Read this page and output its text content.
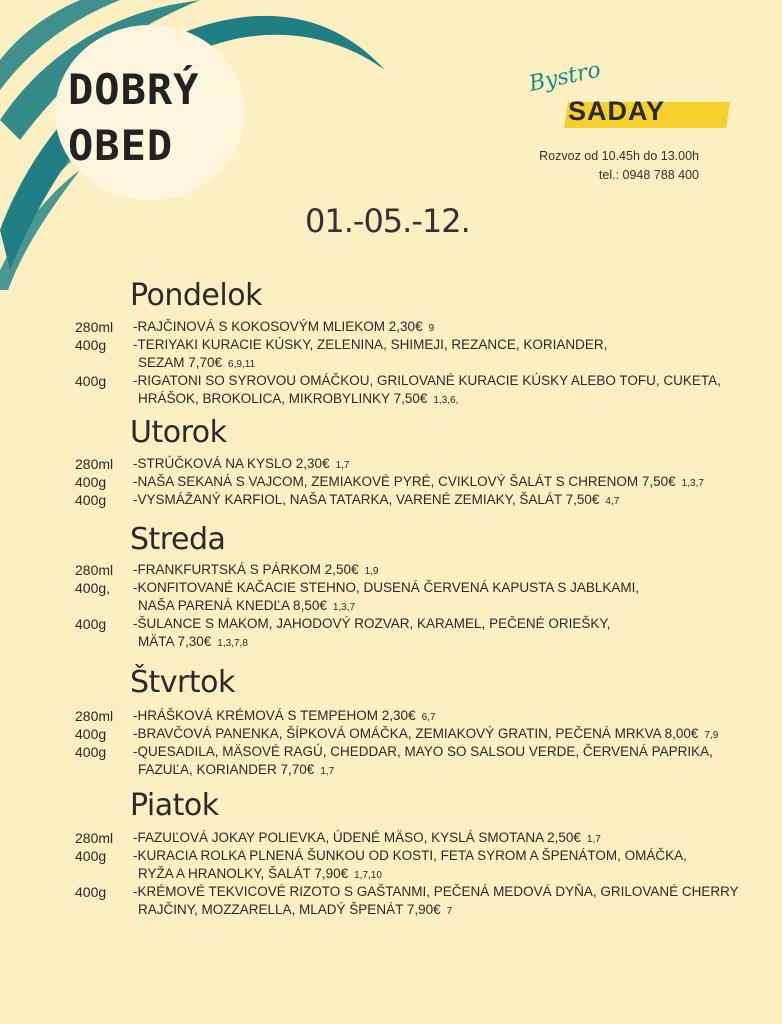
DOBRÝ
OBED
Bystro
SADAY
Rozvoz od 10.45h do 13.00h
tel.: 0948 788 400
01.-05.-12.
Pondelok
280ml -RAJČINOVÁ S KOKOSOVÝM MLIEKOM 2,30€ 9
400g -TERIYAKI KURACIE KÚSKY, ZELENINA, SHIMEJI, REZANCE, KORIANDER,
SEZAM 7,70€ 6,9,11
400g -RIGATONI SO SYROVOU OMÁČKOU, GRILOVANÉ KURACIE KÚSKY ALEBO TOFU, CUKETA,
HRÁŠOK, BROKOLICA, MIKROBYLINKY 7,50€ 1,3,6,
Utorok
280ml -STRÚČKOVÁ NA KYSLO 2,30€ 1,7
400g -NAŠA SEKANÁ S VAJCOM, ZEMIAKOVÉ PYRÉ, CVIKLOVÝ ŠALÁT S CHRENOM 7,50€ 1,3,7
400g -VYSMÁŽANÝ KARFIOL, NAŠA TATARKA, VARENÉ ZEMIAKY, ŠALÁT 7,50€ 4,7
Streda
280ml -FRANKFURTSKÁ S PÁRKOM 2,50€ 1,9
400g, -KONFITOVANÉ KAČACIE STEHNO, DUSENÁ ČERVENÁ KAPUSTA S JABLKAMI,
NAŠA PARENÁ KNEDĽA 8,50€ 1,3,7
400g -ŠULANCE S MAKOM, JAHODOVÝ ROZVAR, KARAMEL, PEČENÉ ORIEŠKY,
MÄTA 7,30€ 1,3,7,8
Štvrtok
280ml -HRÁŠKOVÁ KRÉMOVÁ S TEMPEHOM 2,30€ 6,7
400g -BRAVČOVÁ PANENKA, ŠÍPKOVÁ OMÁČKA, ZEMIAKOVÝ GRATIN, PEČENÁ MRKVA 8,00€ 7,9
400g -QUESADILA, MÄSOVÉ RAGÚ, CHEDDAR, MAYO SO SALSOU VERDE, ČERVENÁ PAPRIKA,
FAZUĽA, KORIANDER 7,70€ 1,7
Piatok
280ml -FAZUĽOVÁ JOKAY POLIEVKA, ÚDENÉ MÄSO, KYSLÁ SMOTANA 2,50€ 1,7
400g -KURACIA ROLKA PLNENÁ ŠUNKOU OD KOSTI, FETA SYROM A ŠPENÁTOM, OMÁČKA,
RYŽA A HRANOLKY, ŠALÁT 7,90€ 1,7,10
400g -KRÉMOVÉ TEKVICOVÉ RIZOTO S GAŠTANMI, PEČENÁ MEDOVÁ DYŇA, GRILOVANÉ CHERRY
RAJČINY, MOZZARELLA, MLADÝ ŠPENÁT 7,90€ 7
